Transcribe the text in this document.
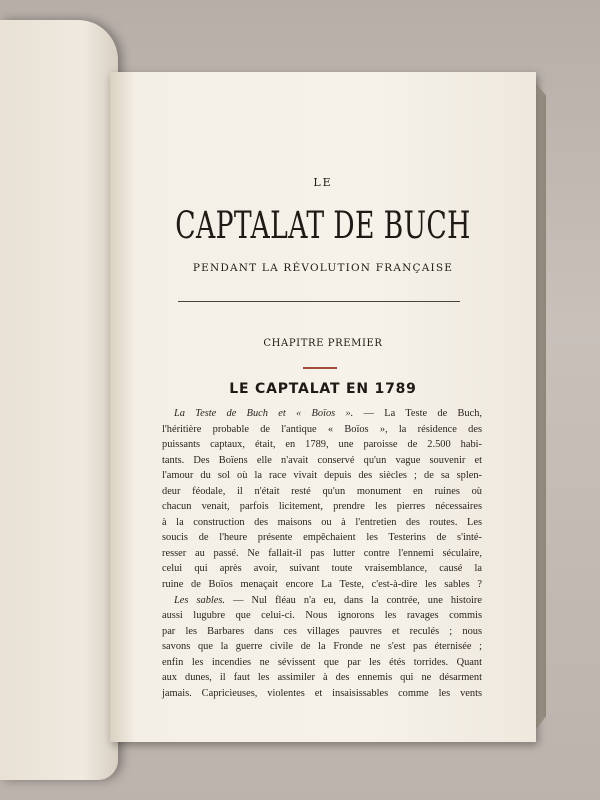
LE
CAPTALAT DE BUCH
PENDANT LA RÉVOLUTION FRANÇAISE
CHAPITRE PREMIER
LE CAPTALAT EN 1789
La Teste de Buch et « Boïos ». — La Teste de Buch,
l'héritière probable de l'antique « Boïos », la résidence des
puissants captaux, était, en 1789, une paroisse de 2.500 habi-
tants. Des Boïens elle n'avait conservé qu'un vague souvenir et
l'amour du sol où la race vivait depuis des siècles ; de sa splen-
deur féodale, il n'était resté qu'un monument en ruines où
chacun venait, parfois licitement, prendre les pierres nécessaires
à la construction des maisons ou à l'entretien des routes. Les
soucis de l'heure présente empêchaient les Testerins de s'inté-
resser au passé. Ne fallait-il pas lutter contre l'ennemi séculaire,
celui qui après avoir, suivant toute vraisemblance, causé la
ruine de Boïos menaçait encore La Teste, c'est-à-dire les sables ?
Les sables. — Nul fléau n'a eu, dans la contrée, une histoire
aussi lugubre que celui-ci. Nous ignorons les ravages commis
par les Barbares dans ces villages pauvres et reculés ; nous
savons que la guerre civile de la Fronde ne s'est pas éternisée ;
enfin les incendies ne sévissent que par les étés torrides. Quant
aux dunes, il faut les assimiler à des ennemis qui ne désarment
jamais. Capricieuses, violentes et insaisissables comme les vents
